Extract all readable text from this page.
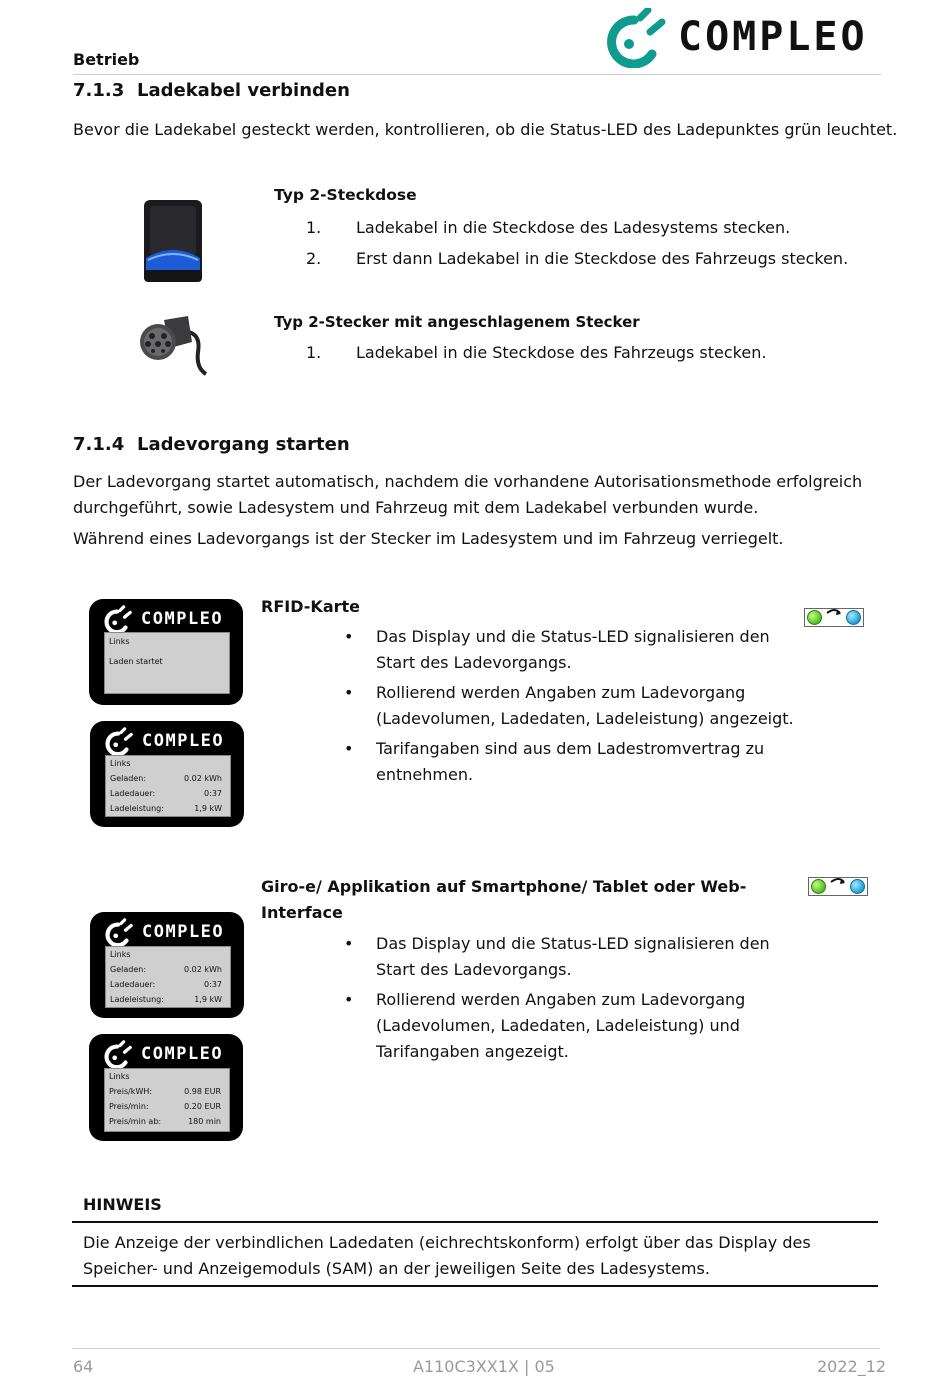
Betrieb	COMPLEO
7.1.3 Ladekabel verbinden
Bevor die Ladekabel gesteckt werden, kontrollieren, ob die Status-LED des Ladepunktes grün leuchtet.
Typ 2-Steckdose
1. Ladekabel in die Steckdose des Ladesystems stecken.
2. Erst dann Ladekabel in die Steckdose des Fahrzeugs stecken.
Typ 2-Stecker mit angeschlagenem Stecker
1. Ladekabel in die Steckdose des Fahrzeugs stecken.
7.1.4 Ladevorgang starten
Der Ladevorgang startet automatisch, nachdem die vorhandene Autorisationsmethode erfolgreich
durchgeführt, sowie Ladesystem und Fahrzeug mit dem Ladekabel verbunden wurde.
Während eines Ladevorgangs ist der Stecker im Ladesystem und im Fahrzeug verriegelt.
RFID-Karte
• Das Display und die Status-LED signalisieren den
Start des Ladevorgangs.
• Rollierend werden Angaben zum Ladevorgang
(Ladevolumen, Ladedaten, Ladeleistung) angezeigt.
• Tarifangaben sind aus dem Ladestromvertrag zu
entnehmen.
COMPLEO
Links
Laden startet
COMPLEO
Links
Geladen:	0.02 kWh
Ladedauer:	0:37
Ladeleistung:	1,9 kW
Giro-e/ Applikation auf Smartphone/ Tablet oder Web-
Interface
• Das Display und die Status-LED signalisieren den
Start des Ladevorgangs.
• Rollierend werden Angaben zum Ladevorgang
(Ladevolumen, Ladedaten, Ladeleistung) und
Tarifangaben angezeigt.
COMPLEO
Links
Geladen:	0.02 kWh
Ladedauer:	0:37
Ladeleistung:	1,9 kW
COMPLEO
Links
Preis/kWH:	0.98 EUR
Preis/min:	0.20 EUR
Preis/min ab:	180 min
HINWEIS
Die Anzeige der verbindlichen Ladedaten (eichrechtskonform) erfolgt über das Display des
Speicher- und Anzeigemoduls (SAM) an der jeweiligen Seite des Ladesystems.
64	A110C3XX1X | 05	2022_12
